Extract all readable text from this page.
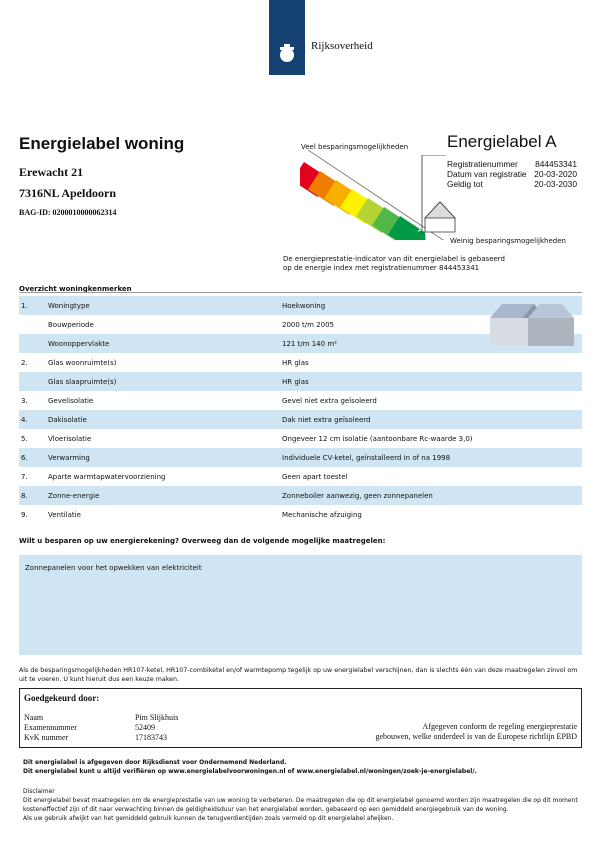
Rijksoverheid
Energielabel woning
Erewacht 21
7316NL Apeldoorn
BAG-ID: 0200010000062314
Veel besparingsmogelijkheden
A
Weinig besparingsmogelijkheden
Energielabel A
Registratienummer 844453341
Datum van registratie 20-03-2020
Geldig tot	20-03-2030
De energieprestatie-indicator van dit energielabel is gebaseerd
op de energie index met registratienummer 844453341
Overzicht woningkenmerken
1.	Woningtype	Hoekwoning
Bouwperiode	2000 t/m 2005
Woonoppervlakte	121 t/m 140 m²
2.	Glas woonruimte(s)	HR glas
Glas slaapruimte(s)	HR glas
3.	Gevelisolatie	Gevel niet extra geïsoleerd
4.	Dakisolatie	Dak niet extra geïsoleerd
5.	Vloerisolatie	Ongeveer 12 cm isolatie (aantoonbare Rc-waarde 3,0)
6.	Verwarming	Individuele CV-ketel, geïnstalleerd in of na 1998
7.	Aparte warmtapwatervoorziening	Geen apart toestel
8.	Zonne-energie	Zonneboiler aanwezig, geen zonnepanelen
9.	Ventilatie	Mechanische afzuiging
Wilt u besparen op uw energierekening? Overweeg dan de volgende mogelijke maatregelen:
Zonnepanelen voor het opwekken van elektriciteit
Als de besparingsmogelijkheden HR107-ketel, HR107-combiketel en/of warmtepomp tegelijk op uw energielabel verschijnen, dan is slechts één van deze maatregelen zinvol om uit te voeren. U kunt hieruit dus een keuze maken.
Goedgekeurd door:
Naam	Pim Slijkhuis
Examennummer	52409
KvK nummer	17183743
Afgegeven conform de regeling energieprestatie
gebouwen, welke onderdeel is van de Europese richtlijn EPBD
Dit energielabel is afgegeven door Rijksdienst voor Ondernemend Nederland.
Dit energielabel kunt u altijd verifiëren op www.energielabelvoorwoningen.nl of www.energielabel.nl/woningen/zoek-je-energielabel/.
Disclaimer
Dit energielabel bevat maatregelen om de energieprestatie van uw woning te verbeteren. De maatregelen die op dit energielabel genoemd worden zijn maatregelen die op dit moment
kosteneffectief zijn of dit naar verwachting binnen de geldigheidsduur van het energielabel worden, gebaseerd op een gemiddeld energiegebruik van de woning.
Als uw gebruik afwijkt van het gemiddeld gebruik kunnen de terugverdientijden zoals vermeld op dit energielabel afwijken.
